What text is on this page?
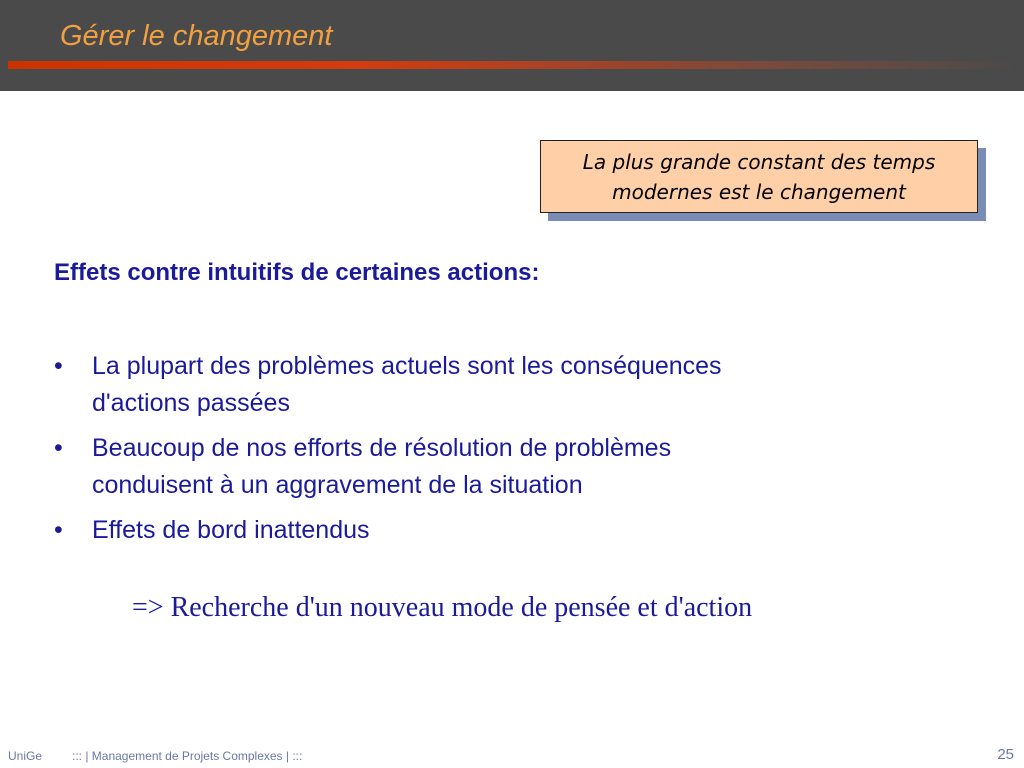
Gérer le changement
La plus grande constant des temps
modernes est le changement
Effets contre intuitifs de certaines actions:
•	La plupart des problèmes actuels sont les conséquences
d'actions passées
•	Beaucoup de nos efforts de résolution de problèmes
conduisent à un aggravement de la situation
•	Effets de bord inattendus
=> Recherche d'un nouveau mode de pensée et d'action
UniGe ::: | Management de Projets Complexes | :::	25
